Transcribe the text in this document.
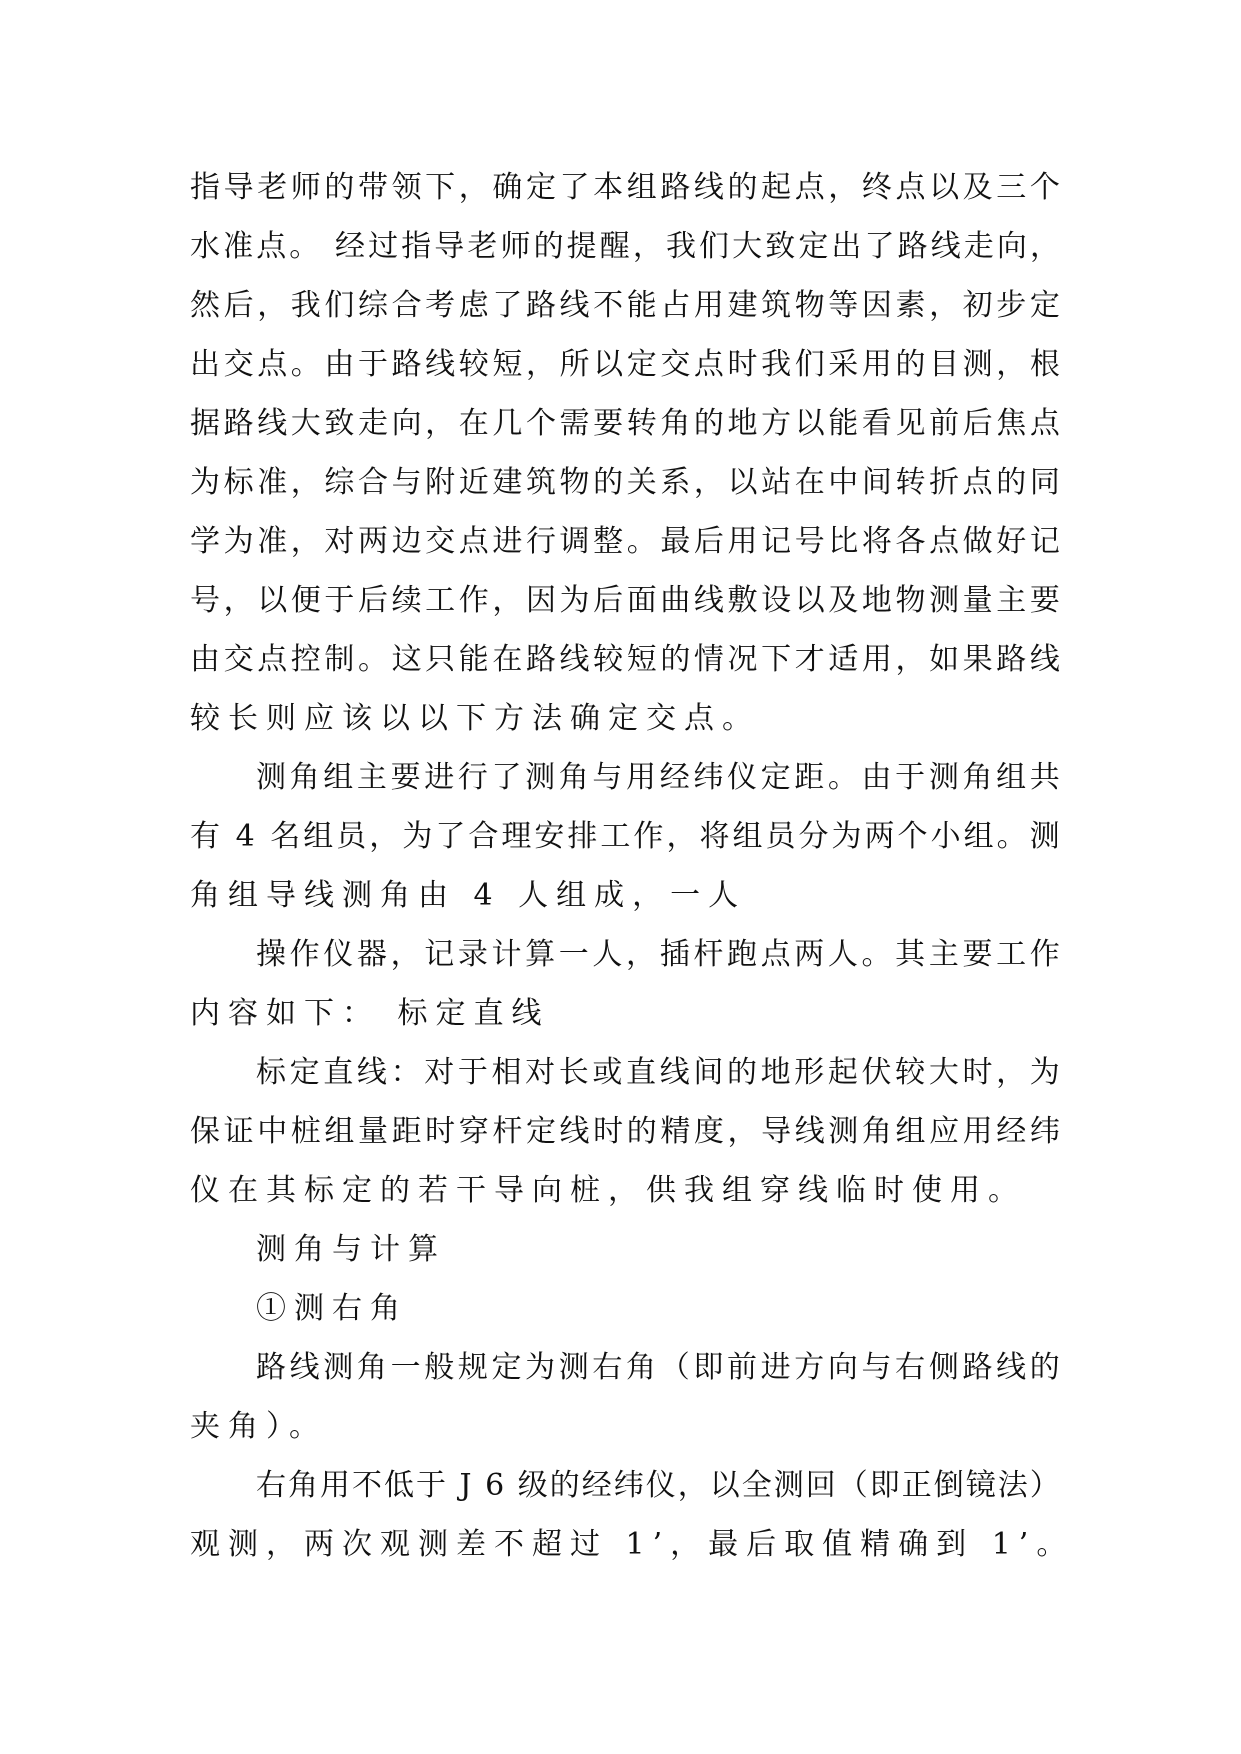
指 导 老 师 的 带 领 下 ， 确 定 了 本 组 路 线 的 起 点 ， 终 点 以 及 三 个
水 准 点 。
经 过 指 导 老 师 的 提 醒 ， 我 们 大 致 定 出 了 路 线 走 向 ，
然 后 ， 我 们 综 合 考 虑 了 路 线 不 能 占 用 建 筑 物 等 因 素 ， 初 步 定
出 交 点 。 由 于 路 线 较 短 ， 所 以 定 交 点 时 我 们 采 用 的 目 测 ， 根
据 路 线 大 致 走 向 ， 在 几 个 需 要 转 角 的 地 方 以 能 看 见 前 后 焦 点
为 标 准 ， 综 合 与 附 近 建 筑 物 的 关 系 ， 以 站 在 中 间 转 折 点 的 同
学 为 准 ， 对 两 边 交 点 进 行 调 整 。 最 后 用 记 号 比 将 各 点 做 好 记
号 ， 以 便 于 后 续 工 作 ， 因 为 后 面 曲 线 敷 设 以 及 地 物 测 量 主 要
由 交 点 控 制 。 这 只 能 在 路 线 较 短 的 情 况 下 才 适 用 ， 如 果 路 线
较长则应该以以下方法确定交点。
测 角 组 主 要 进 行 了 测 角 与 用 经 纬 仪 定 距 。 由 于 测 角 组 共
有
4
名 组 员 ， 为 了 合 理 安 排 工 作 ， 将 组 员 分 为 两 个 小 组 。 测
角组导线测角由 4 人组成，一人
操 作 仪 器 ， 记 录 计 算 一 人 ， 插 杆 跑 点 两 人 。 其 主 要 工 作
内容如下： 标定直线
标 定 直 线 ： 对 于 相 对 长 或 直 线 间 的 地 形 起 伏 较 大 时 ， 为
保 证 中 桩 组 量 距 时 穿 杆 定 线 时 的 精 度 ， 导 线 测 角 组 应 用 经 纬
仪在其标定的若干导向桩，供我组穿线临时使用。
测角与计算
①测右角
路 线 测 角 一 般 规 定 为 测 右 角 （ 即 前 进 方 向 与 右 侧 路 线 的
夹角）。
右 角 用 不 低 于
J
6
级 的 经 纬 仪 ， 以 全 测 回 （ 即 正 倒 镜 法 ）
观测，两次观测差不超过 1’，最后取值精确到 1’。
